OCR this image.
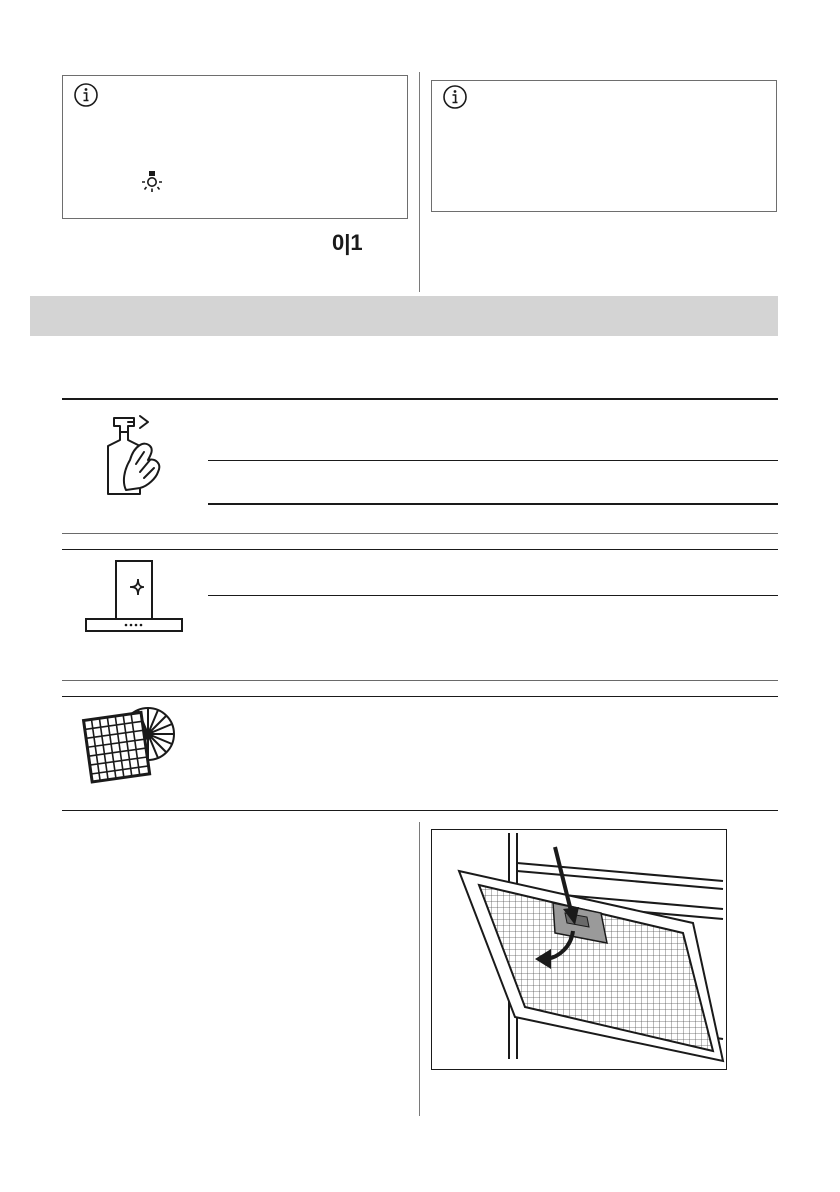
0|1
